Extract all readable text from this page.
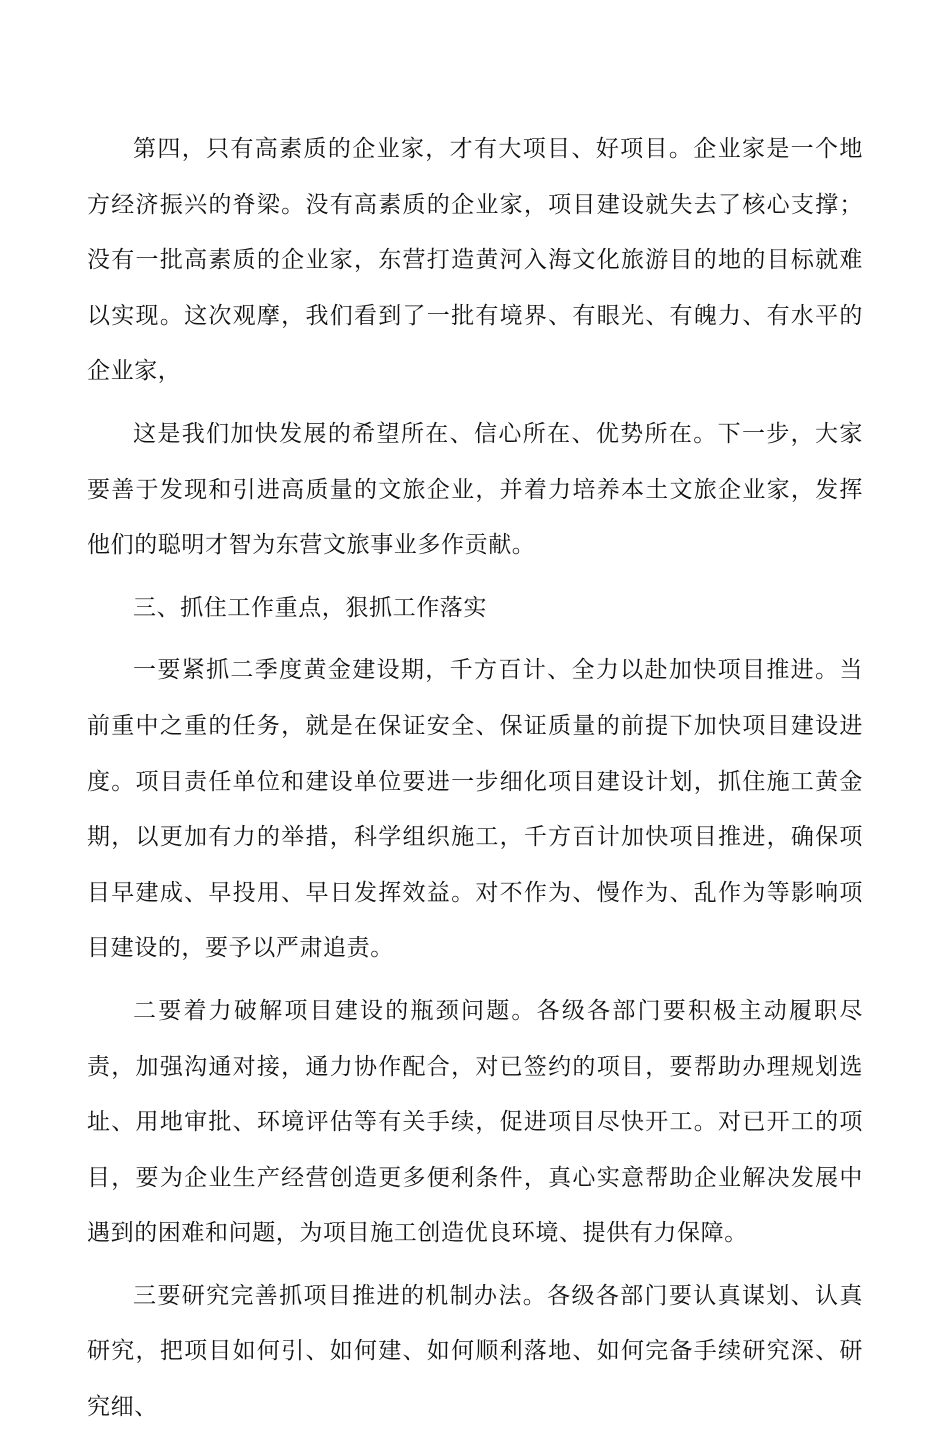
第四，只有高素质的企业家，才有大项目、好项目。企业家是一个地方经济振兴的脊梁。没有高素质的企业家，项目建设就失去了核心支撑；没有一批高素质的企业家，东营打造黄河入海文化旅游目的地的目标就难以实现。这次观摩，我们看到了一批有境界、有眼光、有魄力、有水平的企业家，

这是我们加快发展的希望所在、信心所在、优势所在。下一步，大家要善于发现和引进高质量的文旅企业，并着力培养本土文旅企业家，发挥他们的聪明才智为东营文旅事业多作贡献。

三、抓住工作重点，狠抓工作落实

一要紧抓二季度黄金建设期，千方百计、全力以赴加快项目推进。当前重中之重的任务，就是在保证安全、保证质量的前提下加快项目建设进度。项目责任单位和建设单位要进一步细化项目建设计划，抓住施工黄金期，以更加有力的举措，科学组织施工，千方百计加快项目推进，确保项目早建成、早投用、早日发挥效益。对不作为、慢作为、乱作为等影响项目建设的，要予以严肃追责。

二要着力破解项目建设的瓶颈问题。各级各部门要积极主动履职尽责，加强沟通对接，通力协作配合，对已签约的项目，要帮助办理规划选址、用地审批、环境评估等有关手续，促进项目尽快开工。对已开工的项目，要为企业生产经营创造更多便利条件，真心实意帮助企业解决发展中遇到的困难和问题，为项目施工创造优良环境、提供有力保障。

三要研究完善抓项目推进的机制办法。各级各部门要认真谋划、认真研究，把项目如何引、如何建、如何顺利落地、如何完备手续研究深、研究细、
